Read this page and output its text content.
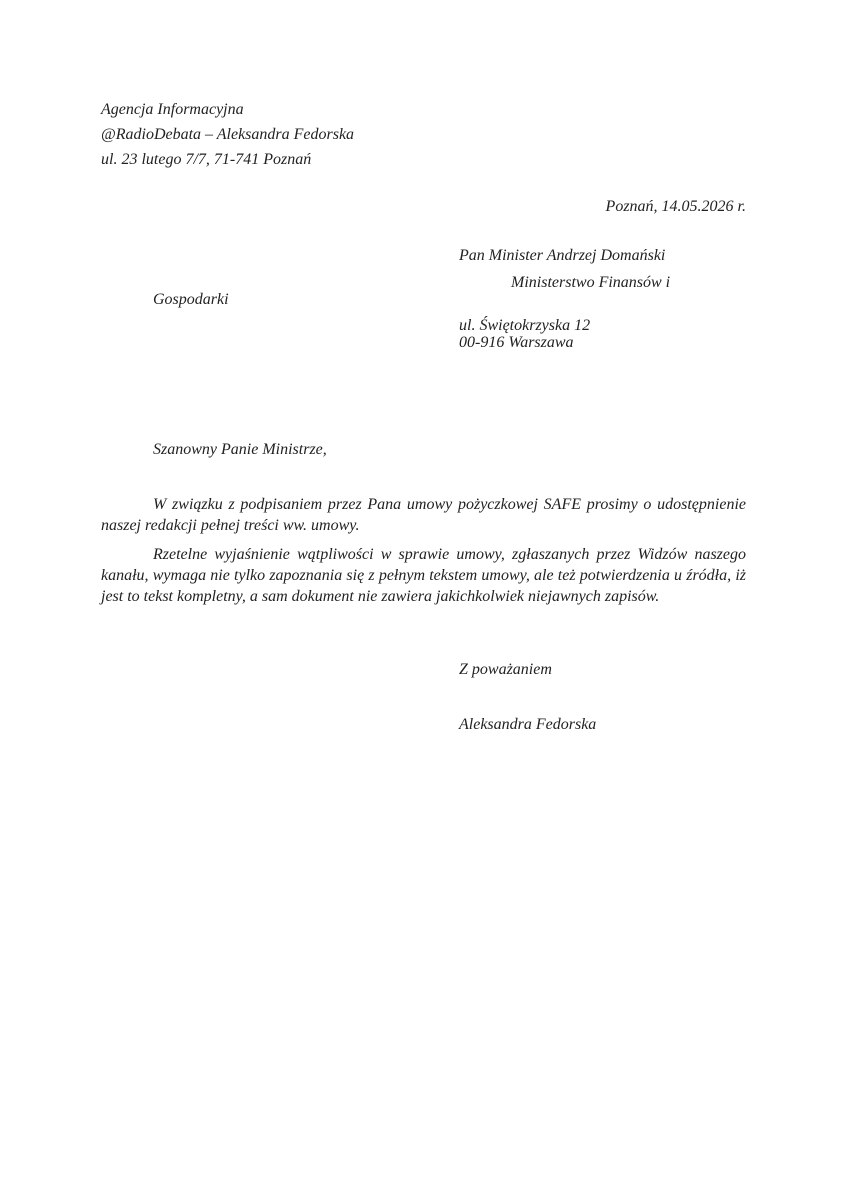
Agencja Informacyjna
@RadioDebata – Aleksandra Fedorska
ul. 23 lutego 7/7, 71-741 Poznań
Poznań, 14.05.2026 r.
Pan Minister Andrzej Domański
Ministerstwo Finansów i
Gospodarki
ul. Świętokrzyska 12
00-916 Warszawa
Szanowny Panie Ministrze,
W związku z podpisaniem przez Pana umowy pożyczkowej SAFE prosimy o udostępnienie naszej redakcji pełnej treści ww. umowy.
Rzetelne wyjaśnienie wątpliwości w sprawie umowy, zgłaszanych przez Widzów naszego kanału, wymaga nie tylko zapoznania się z pełnym tekstem umowy, ale też potwierdzenia u źródła, iż jest to tekst kompletny, a sam dokument nie zawiera jakichkolwiek niejawnych zapisów.
Z poważaniem
Aleksandra Fedorska
